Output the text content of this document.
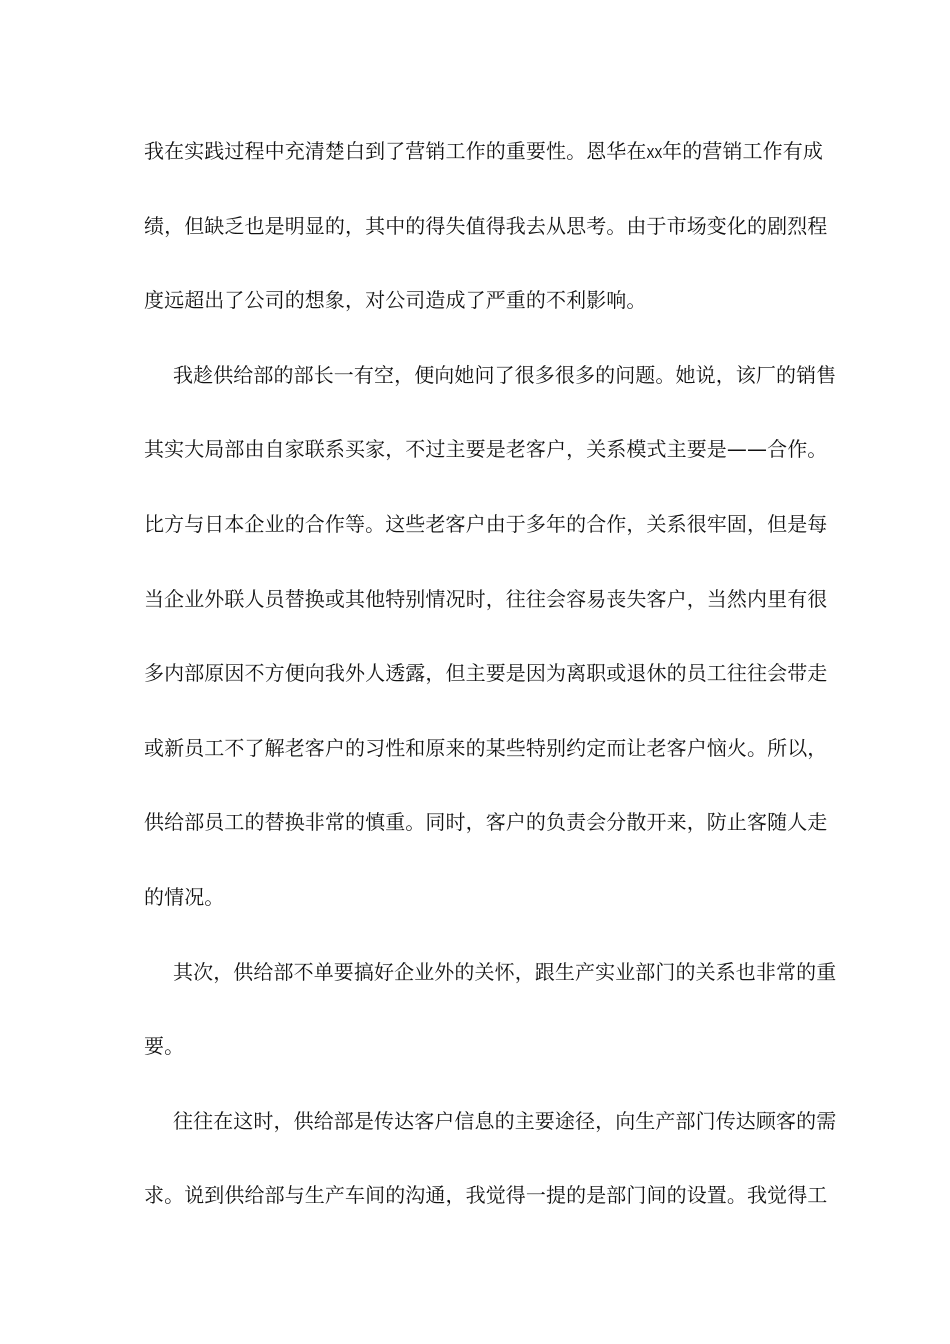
我在实践过程中充清楚白到了营销工作的重要性。恩华在XX年的营销工作有成
绩，但缺乏也是明显的，其中的得失值得我去从思考。由于市场变化的剧烈程
度远超出了公司的想象，对公司造成了严重的不利影响。
我趁供给部的部长一有空，便向她问了很多很多的问题。她说，该厂的销售
其实大局部由自家联系买家，不过主要是老客户，关系模式主要是——合作。
比方与日本企业的合作等。这些老客户由于多年的合作，关系很牢固，但是每
当企业外联人员替换或其他特别情况时，往往会容易丧失客户，当然内里有很
多内部原因不方便向我外人透露，但主要是因为离职或退休的员工往往会带走
或新员工不了解老客户的习性和原来的某些特别约定而让老客户恼火。所以，
供给部员工的替换非常的慎重。同时，客户的负责会分散开来，防止客随人走
的情况。
其次，供给部不单要搞好企业外的关怀，跟生产实业部门的关系也非常的重
要。
往往在这时，供给部是传达客户信息的主要途径，向生产部门传达顾客的需
求。说到供给部与生产车间的沟通，我觉得一提的是部门间的设置。我觉得工
